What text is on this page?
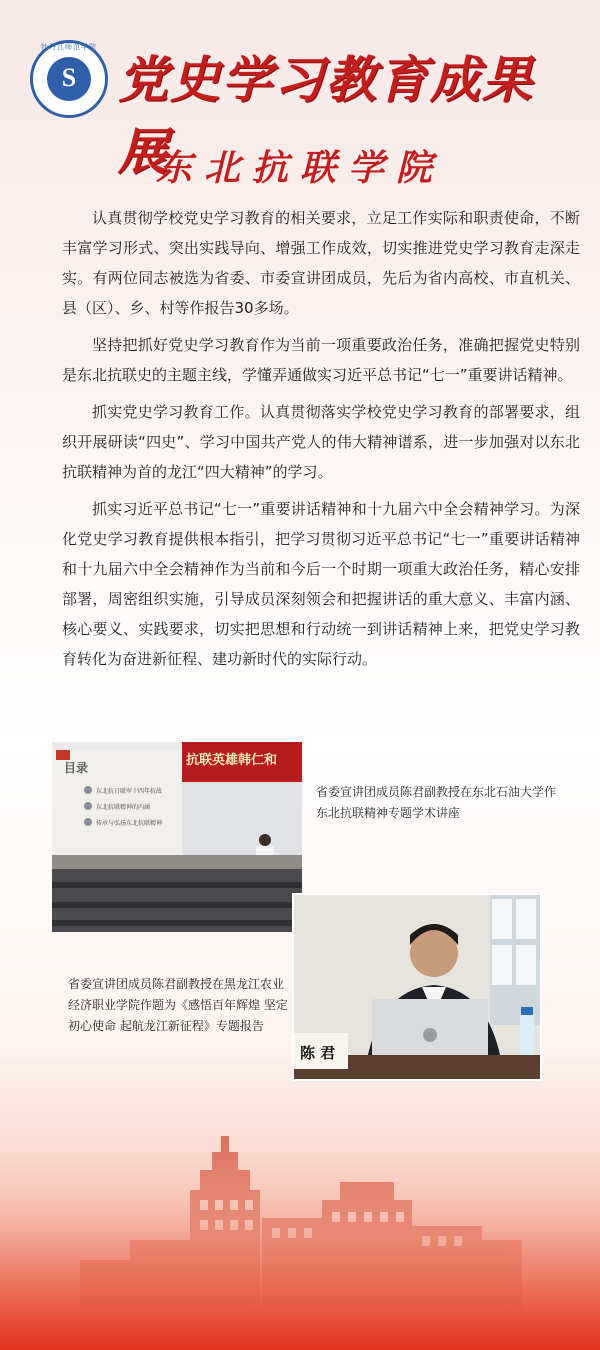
牡丹江师范学院
S 党史学习教育成果展
东北抗联学院

认真贯彻学校党史学习教育的相关要求，立足工作实际和职责使命，不断丰富学习形式、突出实践导向、增强工作成效，切实推进党史学习教育走深走实。有两位同志被选为省委、市委宣讲团成员，先后为省内高校、市直机关、县（区）、乡、村等作报告30多场。

坚持把抓好党史学习教育作为当前一项重要政治任务，准确把握党史特别是东北抗联史的主题主线，学懂弄通做实习近平总书记“七一”重要讲话精神。

抓实党史学习教育工作。认真贯彻落实学校党史学习教育的部署要求，组织开展研读“四史”、学习中国共产党人的伟大精神谱系，进一步加强对以东北抗联精神为首的龙江“四大精神”的学习。

抓实习近平总书记“七一”重要讲话精神和十九届六中全会精神学习。为深化党史学习教育提供根本指引，把学习贯彻习近平总书记“七一”重要讲话精神和十九届六中全会精神作为当前和今后一个时期一项重大政治任务，精心安排部署，周密组织实施，引导成员深刻领会和把握讲话的重大意义、丰富内涵、核心要义、实践要求，切实把思想和行动统一到讲话精神上来，把党史学习教育转化为奋进新征程、建功新时代的实际行动。

目录
东北抗日联军十四年抗战
东北抗联精神的内涵
传承与弘扬东北抗联精神
抗联英雄韩仁和
省委宣讲团成员陈君副教授在东北石油大学作东北抗联精神专题学术讲座
陈 君
省委宣讲团成员陈君副教授在黑龙江农业经济职业学院作题为《感悟百年辉煌 坚定初心使命 起航龙江新征程》专题报告
